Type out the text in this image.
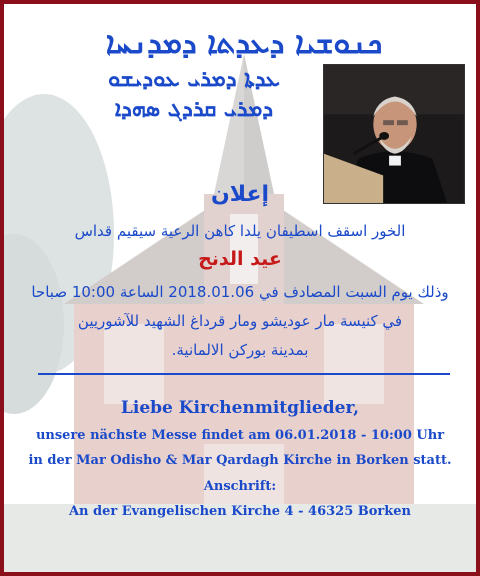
ܟܢܘܫܝܐ ܕܥܕܬܐ ܕܡܕܢܚܐ
ܥܕܬܐ ܕܡܪܝ ܥܘܕܝܫܘ
ܕܡܪܝ ܩܪܕܓ ܣܗܕܐ
إعلان
الخور اسقف اسطيفان يلدا كاهن الرعية سيقيم قداس
عيد الدنح
وذلك يوم السبت المصادف في 2018.01.06 الساعة 10:00 صباحا
في كنيسة مار عوديشو ومار قرداغ الشهيد للآشوريين
بمدينة بوركن الالمانية.
Liebe Kirchenmitglieder,
unsere nächste Messe findet am 06.01.2018 - 10:00 Uhr
in der Mar Odisho & Mar Qardagh Kirche in Borken statt.
Anschrift:
An der Evangelischen Kirche 4 - 46325 Borken
